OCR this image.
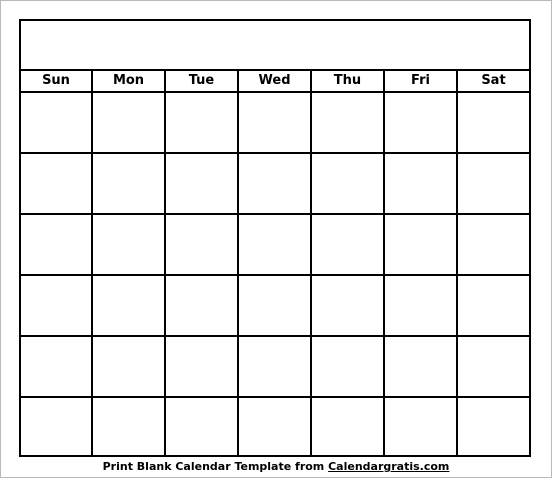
Sun	Mon	Tue	Wed	Thu	Fri	Sat
Print Blank Calendar Template from Calendargratis.com
